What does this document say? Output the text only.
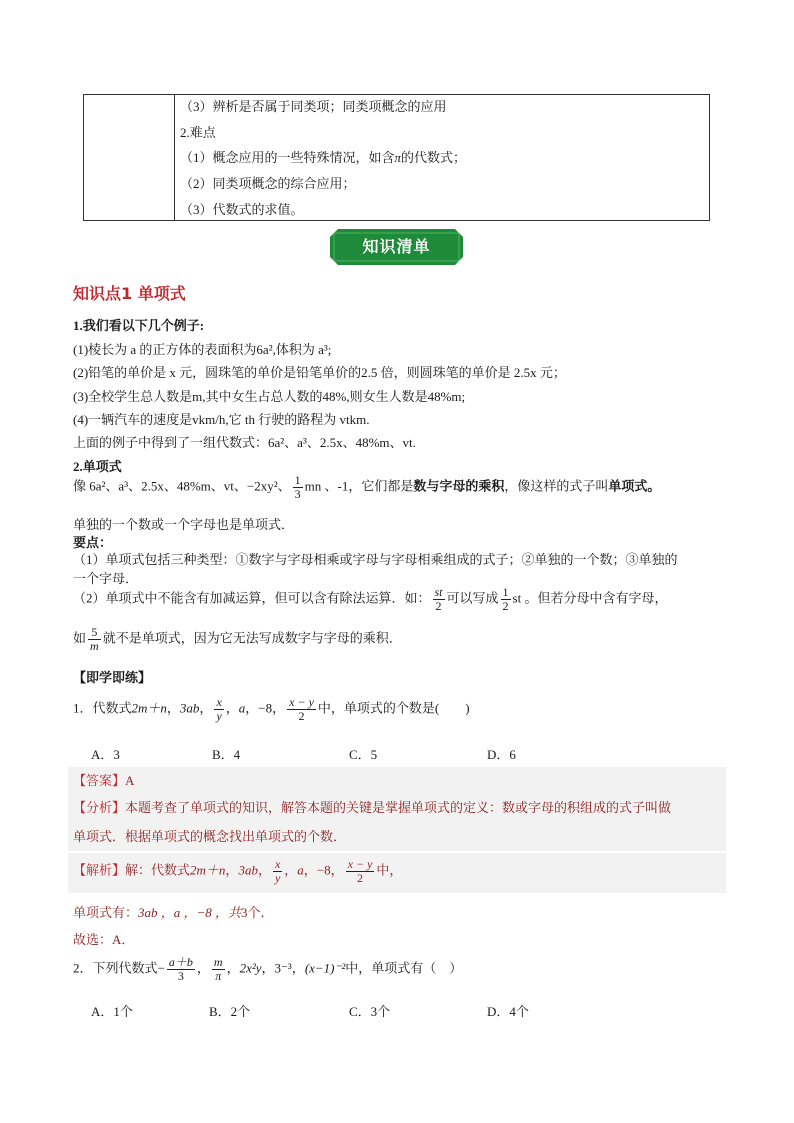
（3）辨析是否属于同类项；同类项概念的应用
2.难点
（1）概念应用的一些特殊情况，如含π的代数式；
（2）同类项概念的综合应用；
（3）代数式的求值。
知识清单
知识点1 单项式
1.我们看以下几个例子:
(1)棱长为 a 的正方体的表面积为6a²,体积为 a³;
(2)铅笔的单价是 x 元，圆珠笔的单价是铅笔单价的2.5 倍，则圆珠笔的单价是 2.5x 元；
(3)全校学生总人数是m,其中女生占总人数的48%,则女生人数是48%m;
(4)一辆汽车的速度是vkm/h,它 th 行驶的路程为 vtkm.
上面的例子中得到了一组代数式：6a²、a³、2.5x、48%m、vt.
2.单项式
像 6a²、a³、2.5x、48%m、vt、−2xy²、 $\frac{1}{3}$ mn 、-1，它们都是数与字母的乘积，像这样的式子叫单项式。
单独的一个数或一个字母也是单项式．
要点：
（1）单项式包括三种类型：①数字与字母相乘或字母与字母相乘组成的式子；②单独的一个数；③单独的
一个字母．
（2）单项式中不能含有加减运算，但可以含有除法运算．如： $\frac{st}{2}$ 可以写成 $\frac{1}{2}$ st 。但若分母中含有字母，
如 $\frac{5}{m}$ 就不是单项式，因为它无法写成数字与字母的乘积．
【即学即练】
1．代数式2m＋n，3ab， $\frac{x}{y}$ ，a，−8， $\frac{x - y}{2}$ 中，单项式的个数是(　　)
A．3	B．4	C．5	D．6
【答案】A
【分析】本题考查了单项式的知识，解答本题的关键是掌握单项式的定义：数或字母的积组成的式子叫做
单项式．根据单项式的概念找出单项式的个数．
【解析】解：代数式2m＋n，3ab， $\frac{x}{y}$ ，a，−8， $\frac{x - y}{2}$ 中，
单项式有：3ab ，a ，−8 ，共3个．
故选：A．
2．下列代数式− $\frac{a+b}{3}$ ， $\frac{m}{\pi}$ ，2x²y，3⁻³，(x−1)⁻²中，单项式有（　）
A．1个	B．2个	C．3个	D．4个
